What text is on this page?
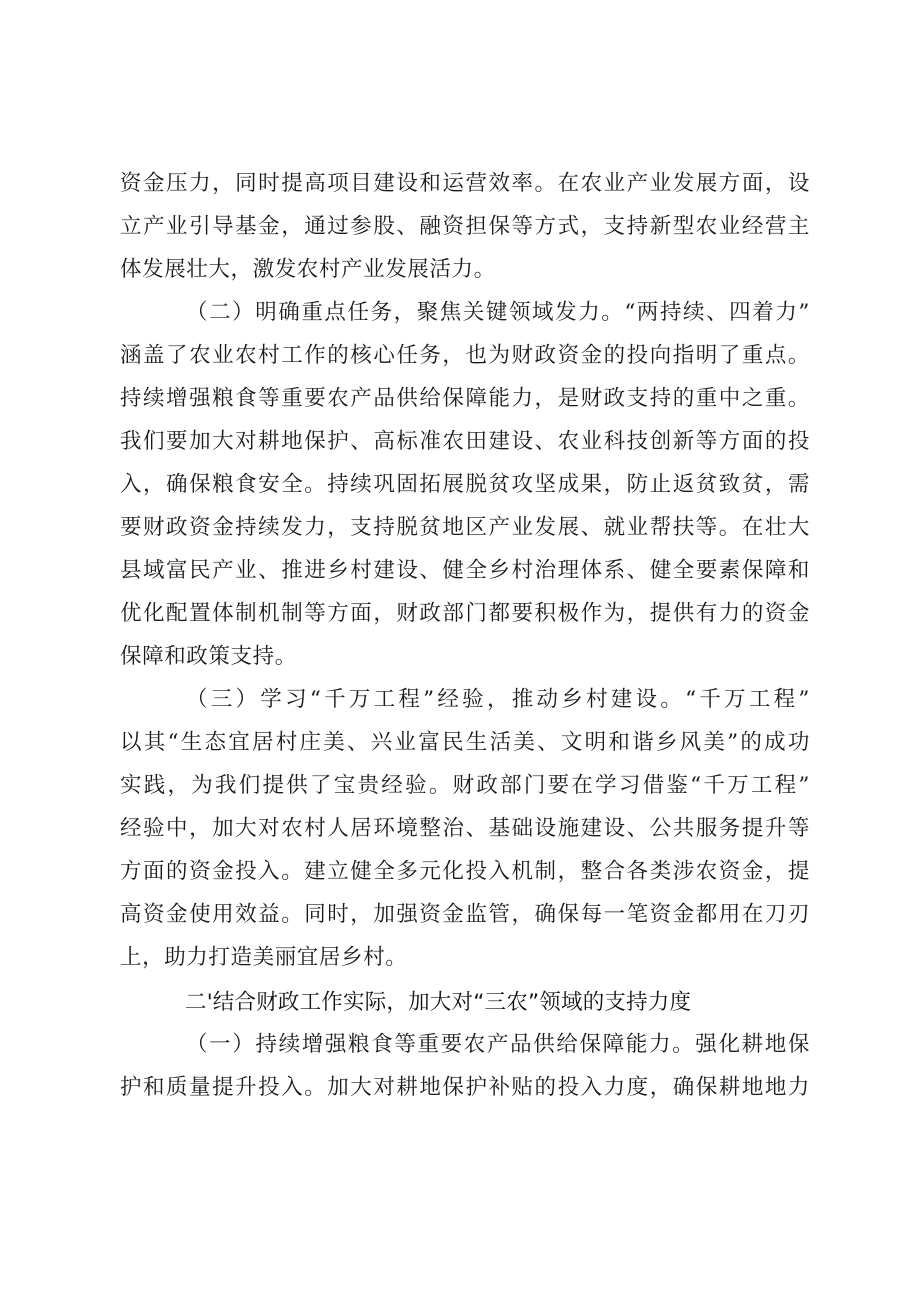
资金压力，同时提高项目建设和运营效率。在农业产业发展方面，设
立产业引导基金，通过参股、融资担保等方式，支持新型农业经营主
体发展壮大，激发农村产业发展活力。
（二）明确重点任务，聚焦关键领域发力。“两持续、四着力”
涵盖了农业农村工作的核心任务，也为财政资金的投向指明了重点。
持续增强粮食等重要农产品供给保障能力，是财政支持的重中之重。
我们要加大对耕地保护、高标准农田建设、农业科技创新等方面的投
入，确保粮食安全。持续巩固拓展脱贫攻坚成果，防止返贫致贫，需
要财政资金持续发力，支持脱贫地区产业发展、就业帮扶等。在壮大
县域富民产业、推进乡村建设、健全乡村治理体系、健全要素保障和
优化配置体制机制等方面，财政部门都要积极作为，提供有力的资金
保障和政策支持。
（三）学习“千万工程”经验，推动乡村建设。“千万工程”
以其“生态宜居村庄美、兴业富民生活美、文明和谐乡风美”的成功
实践，为我们提供了宝贵经验。财政部门要在学习借鉴“千万工程”
经验中，加大对农村人居环境整治、基础设施建设、公共服务提升等
方面的资金投入。建立健全多元化投入机制，整合各类涉农资金，提
高资金使用效益。同时，加强资金监管，确保每一笔资金都用在刀刃
上，助力打造美丽宜居乡村。
二'结合财政工作实际，加大对“三农”领域的支持力度
（一）持续增强粮食等重要农产品供给保障能力。强化耕地保
护和质量提升投入。加大对耕地保护补贴的投入力度，确保耕地地力
